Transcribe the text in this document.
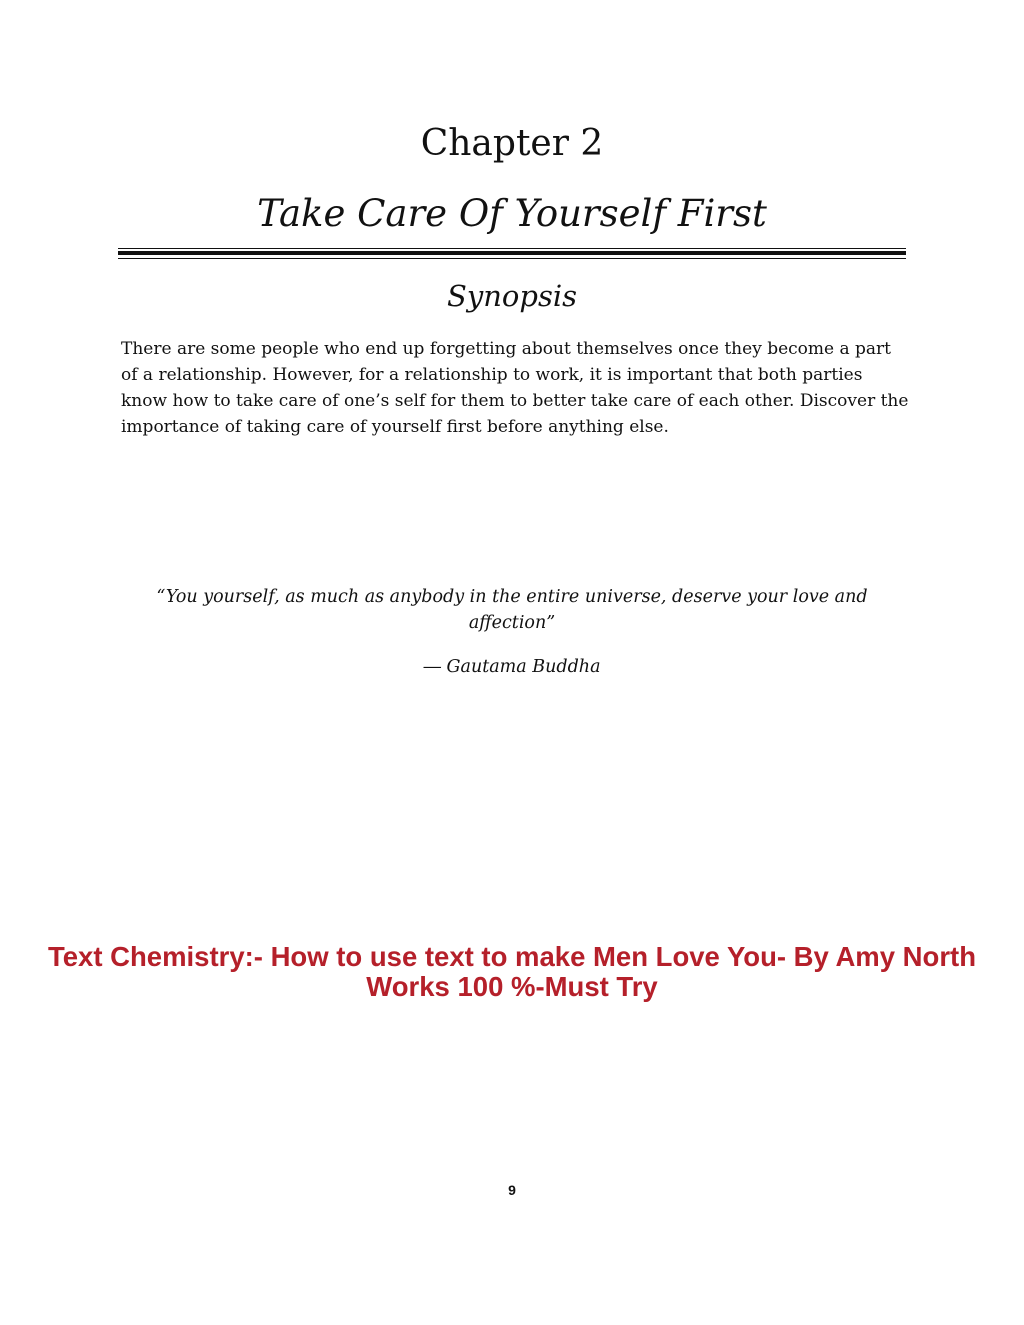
Chapter 2
Take Care Of Yourself First
Synopsis

There are some people who end up forgetting about themselves once they become a part of a relationship. However, for a relationship to work, it is important that both parties know how to take care of one’s self for them to better take care of each other. Discover the importance of taking care of yourself first before anything else.

“You yourself, as much as anybody in the entire universe, deserve your love and affection”

― Gautama Buddha
Text Chemistry:- How to use text to make Men Love You- By Amy North Works 100 %-Must Try
9
